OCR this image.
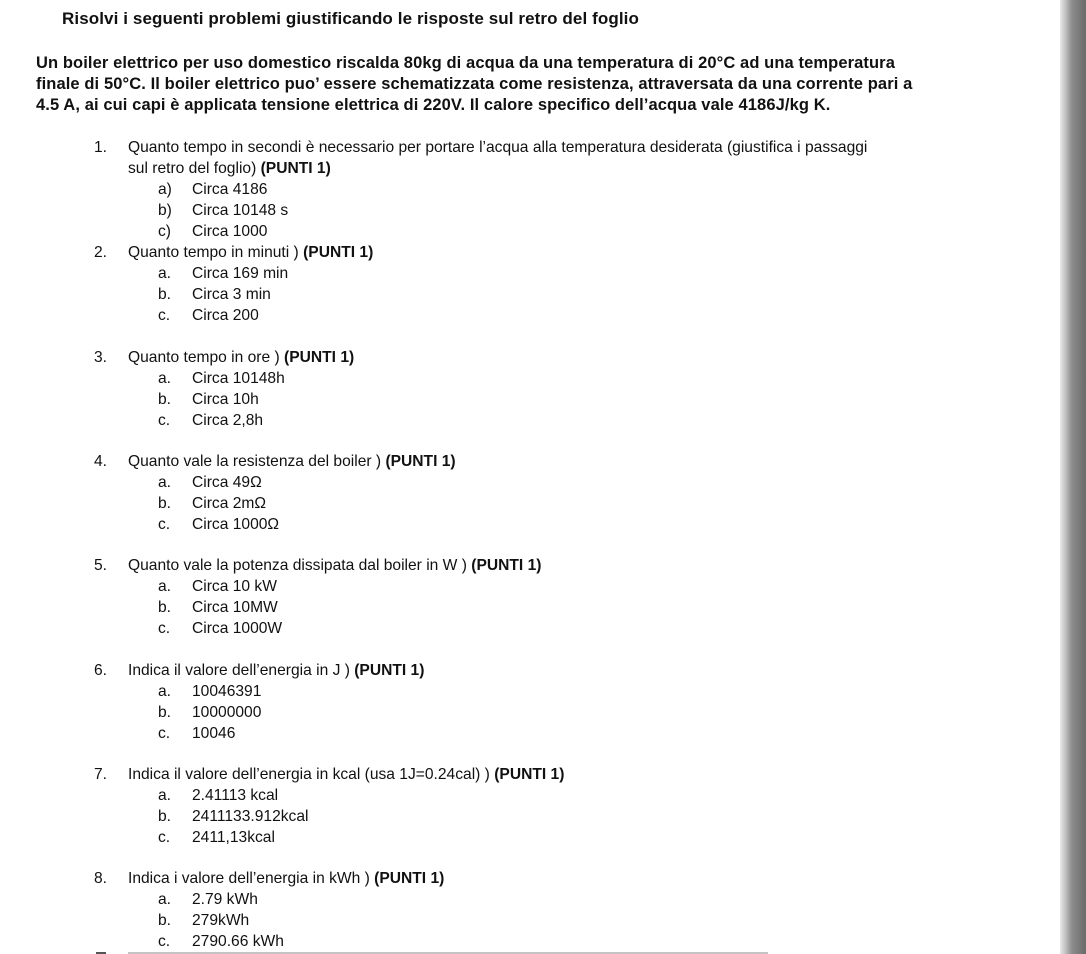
Risolvi i seguenti problemi giustificando le risposte sul retro del foglio
Un boiler elettrico per uso domestico riscalda 80kg di acqua da una temperatura di 20°C ad una temperatura
finale di 50°C. Il boiler elettrico puo’ essere schematizzata come resistenza, attraversata da una corrente pari a
4.5 A, ai cui capi è applicata tensione elettrica di 220V. Il calore specifico dell’acqua vale 4186J/kg K.
1. Quanto tempo in secondi è necessario per portare l’acqua alla temperatura desiderata (giustifica i passaggi
sul retro del foglio) (PUNTI 1)
a) Circa 4186
b) Circa 10148 s
c) Circa 1000
2. Quanto tempo in minuti ) (PUNTI 1)
a. Circa 169 min
b. Circa 3 min
c. Circa 200
3. Quanto tempo in ore ) (PUNTI 1)
a. Circa 10148h
b. Circa 10h
c. Circa 2,8h
4. Quanto vale la resistenza del boiler ) (PUNTI 1)
a. Circa 49Ω
b. Circa 2mΩ
c. Circa 1000Ω
5. Quanto vale la potenza dissipata dal boiler in W ) (PUNTI 1)
a. Circa 10 kW
b. Circa 10MW
c. Circa 1000W
6. Indica il valore dell’energia in J ) (PUNTI 1)
a. 10046391
b. 10000000
c. 10046
7. Indica il valore dell’energia in kcal (usa 1J=0.24cal) ) (PUNTI 1)
a. 2.41113 kcal
b. 2411133.912kcal
c. 2411,13kcal
8. Indica i valore dell’energia in kWh ) (PUNTI 1)
a. 2.79 kWh
b. 279kWh
c. 2790.66 kWh
